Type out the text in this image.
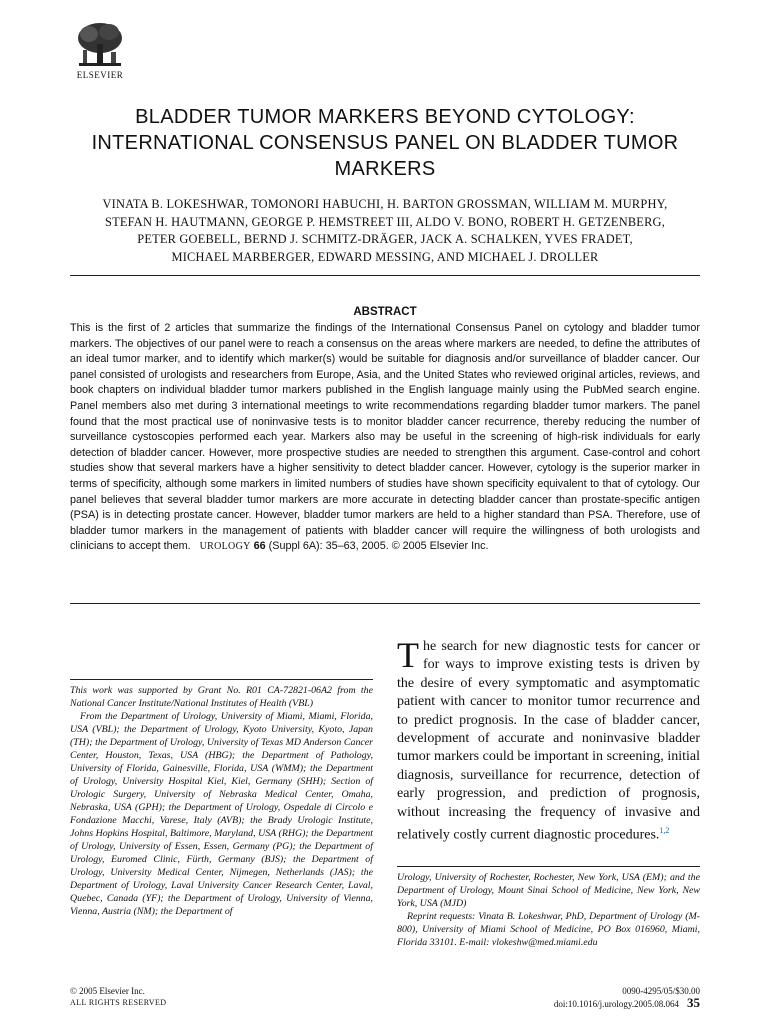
ELSEVIER
BLADDER TUMOR MARKERS BEYOND CYTOLOGY: INTERNATIONAL CONSENSUS PANEL ON BLADDER TUMOR MARKERS
VINATA B. LOKESHWAR, TOMONORI HABUCHI, H. BARTON GROSSMAN, WILLIAM M. MURPHY,
STEFAN H. HAUTMANN, GEORGE P. HEMSTREET III, ALDO V. BONO, ROBERT H. GETZENBERG,
PETER GOEBELL, BERND J. SCHMITZ-DRÄGER, JACK A. SCHALKEN, YVES FRADET,
MICHAEL MARBERGER, EDWARD MESSING, AND MICHAEL J. DROLLER
ABSTRACT

This is the first of 2 articles that summarize the findings of the International Consensus Panel on cytology and bladder tumor markers. The objectives of our panel were to reach a consensus on the areas where markers are needed, to define the attributes of an ideal tumor marker, and to identify which marker(s) would be suitable for diagnosis and/or surveillance of bladder cancer. Our panel consisted of urologists and researchers from Europe, Asia, and the United States who reviewed original articles, reviews, and book chapters on individual bladder tumor markers published in the English language mainly using the PubMed search engine. Panel members also met during 3 international meetings to write recommendations regarding bladder tumor markers. The panel found that the most practical use of noninvasive tests is to monitor bladder cancer recurrence, thereby reducing the number of surveillance cystoscopies performed each year. Markers also may be useful in the screening of high-risk individuals for early detection of bladder cancer. However, more prospective studies are needed to strengthen this argument. Case-control and cohort studies show that several markers have a higher sensitivity to detect bladder cancer. However, cytology is the superior marker in terms of specificity, although some markers in limited numbers of studies have shown specificity equivalent to that of cytology. Our panel believes that several bladder tumor markers are more accurate in detecting bladder cancer than prostate-specific antigen (PSA) is in detecting prostate cancer. However, bladder tumor markers are held to a higher standard than PSA. Therefore, use of bladder tumor markers in the management of patients with bladder cancer will require the willingness of both urologists and clinicians to accept them. UROLOGY 66 (Suppl 6A): 35–63, 2005. © 2005 Elsevier Inc.

This work was supported by Grant No. R01 CA-72821-06A2 from the National Cancer Institute/National Institutes of Health (VBL)

From the Department of Urology, University of Miami, Miami, Florida, USA (VBL); the Department of Urology, Kyoto University, Kyoto, Japan (TH); the Department of Urology, University of Texas MD Anderson Cancer Center, Houston, Texas, USA (HBG); the Department of Pathology, University of Florida, Gainesville, Florida, USA (WMM); the Department of Urology, University Hospital Kiel, Kiel, Germany (SHH); Section of Urologic Surgery, University of Nebraska Medical Center, Omaha, Nebraska, USA (GPH); the Department of Urology, Ospedale di Circolo e Fondazione Macchi, Varese, Italy (AVB); the Brady Urologic Institute, Johns Hopkins Hospital, Baltimore, Maryland, USA (RHG); the Department of Urology, University of Essen, Essen, Germany (PG); the Department of Urology, Euromed Clinic, Fürth, Germany (BJS); the Department of Urology, University Medical Center, Nijmegen, Netherlands (JAS); the Department of Urology, Laval University Cancer Research Center, Laval, Quebec, Canada (YF); the Department of Urology, University of Vienna, Vienna, Austria (NM); the Department of

The search for new diagnostic tests for cancer or for ways to improve existing tests is driven by the desire of every symptomatic and asymptomatic patient with cancer to monitor tumor recurrence and to predict prognosis. In the case of bladder cancer, development of accurate and noninvasive bladder tumor markers could be important in screening, initial diagnosis, surveillance for recurrence, detection of early progression, and prediction of prognosis, without increasing the frequency of invasive and relatively costly current diagnostic procedures.$^{1,2}$

Urology, University of Rochester, Rochester, New York, USA (EM); and the Department of Urology, Mount Sinai School of Medicine, New York, New York, USA (MJD)

Reprint requests: Vinata B. Lokeshwar, PhD, Department of Urology (M-800), University of Miami School of Medicine, PO Box 016960, Miami, Florida 33101. E-mail: vlokeshw@med.miami.edu

© 2005 Elsevier Inc.
ALL RIGHTS RESERVED
0090-4295/05/$30.00
doi:10.1016/j.urology.2005.08.064 35
